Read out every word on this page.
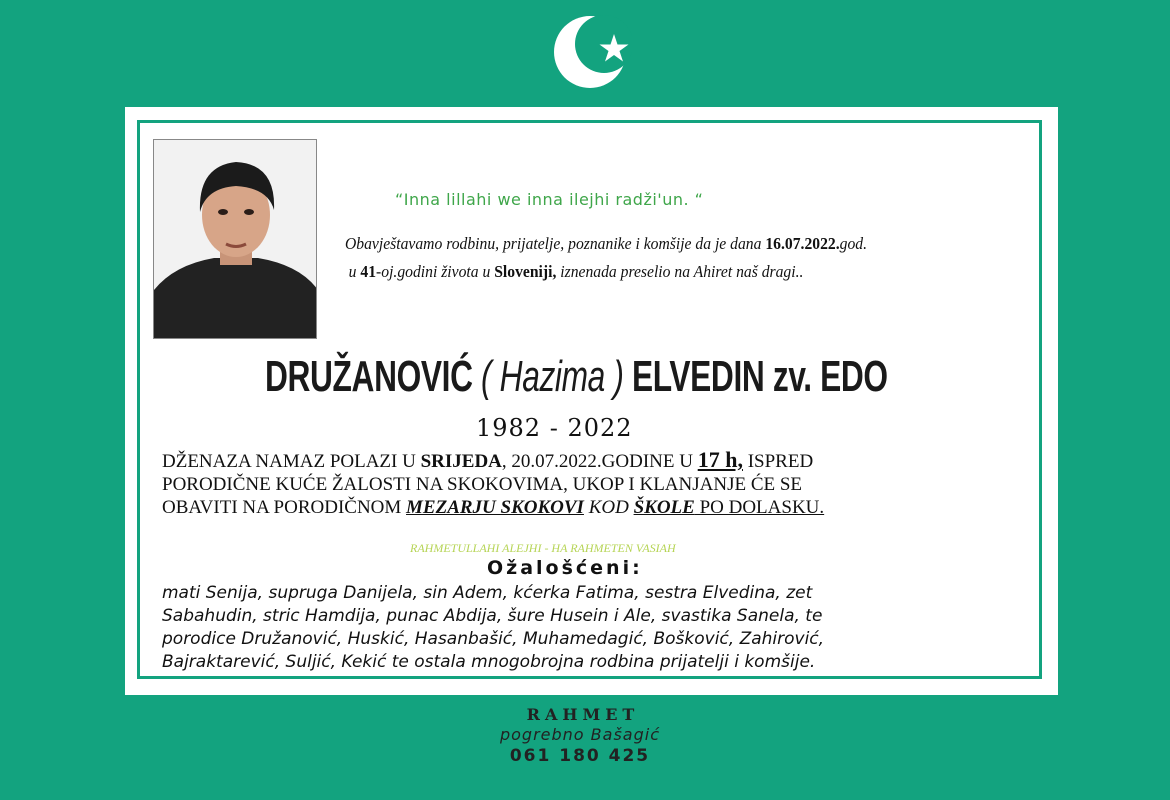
“Inna lillahi we inna ilejhi radži'un. “
Obavještavamo rodbinu, prijatelje, poznanike i komšije da je dana 16.07.2022.god.
u 41-oj.godini života u Sloveniji, iznenada preselio na Ahiret naš dragi..
DRUŽANOVIĆ ( Hazima ) ELVEDIN zv. EDO
1982 - 2022
DŽENAZA NAMAZ POLAZI U SRIJEDA, 20.07.2022.GODINE U 17 h, ISPRED
PORODIČNE KUĆE ŽALOSTI NA SKOKOVIMA, UKOP I KLANJANJE ĆE SE
OBAVITI NA PORODIČNOM MEZARJU SKOKOVI KOD ŠKOLE PO DOLASKU.
RAHMETULLAHI ALEJHI - HA RAHMETEN VASIAH
Ožalošćeni:
mati Senija, supruga Danijela, sin Adem, kćerka Fatima, sestra Elvedina, zet
Sabahudin, stric Hamdija, punac Abdija, šure Husein i Ale, svastika Sanela, te
porodice Družanović, Huskić, Hasanbašić, Muhamedagić, Bošković, Zahirović,
Bajraktarević, Suljić, Kekić te ostala mnogobrojna rodbina prijatelji i komšije.
RAHMET
pogrebno Bašagić
061 180 425
